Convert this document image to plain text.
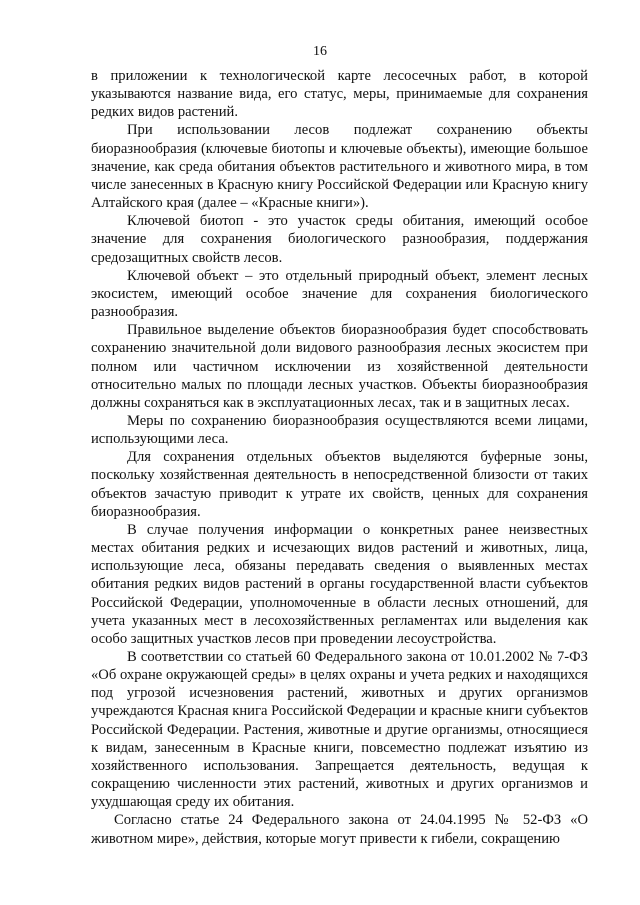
16

в приложении к технологической карте лесосечных работ, в которой указываются название вида, его статус, меры, принимаемые для сохранения редких видов растений.

При использовании лесов подлежат сохранению объекты биоразнообразия (ключевые биотопы и ключевые объекты), имеющие большое значение, как среда обитания объектов растительного и животного мира, в том числе занесенных в Красную книгу Российской Федерации или Красную книгу Алтайского края (далее – «Красные книги»).

Ключевой биотоп - это участок среды обитания, имеющий особое значение для сохранения биологического разнообразия, поддержания средозащитных свойств лесов.

Ключевой объект – это отдельный природный объект, элемент лесных экосистем, имеющий особое значение для сохранения биологического разнообразия.

Правильное выделение объектов биоразнообразия будет способствовать сохранению значительной доли видового разнообразия лесных экосистем при полном или частичном исключении из хозяйственной деятельности относительно малых по площади лесных участков. Объекты биоразнообразия должны сохраняться как в эксплуатационных лесах, так и в защитных лесах.

Меры по сохранению биоразнообразия осуществляются всеми лицами, использующими леса.

Для сохранения отдельных объектов выделяются буферные зоны, поскольку хозяйственная деятельность в непосредственной близости от таких объектов зачастую приводит к утрате их свойств, ценных для сохранения биоразнообразия.

В случае получения информации о конкретных ранее неизвестных местах обитания редких и исчезающих видов растений и животных, лица, использующие леса, обязаны передавать сведения о выявленных местах обитания редких видов растений в органы государственной власти субъектов Российской Федерации, уполномоченные в области лесных отношений, для учета указанных мест в лесохозяйственных регламентах или выделения как особо защитных участков лесов при проведении лесоустройства.

В соответствии со статьей 60 Федерального закона от 10.01.2002 № 7-ФЗ «Об охране окружающей среды» в целях охраны и учета редких и находящихся под угрозой исчезновения растений, животных и других организмов учреждаются Красная книга Российской Федерации и красные книги субъектов Российской Федерации. Растения, животные и другие организмы, относящиеся к видам, занесенным в Красные книги, повсеместно подлежат изъятию из хозяйственного использования. Запрещается деятельность, ведущая к сокращению численности этих растений, животных и других организмов и ухудшающая среду их обитания.

Согласно статье 24 Федерального закона от 24.04.1995 № 52-ФЗ «О животном мире», действия, которые могут привести к гибели, сокращению
